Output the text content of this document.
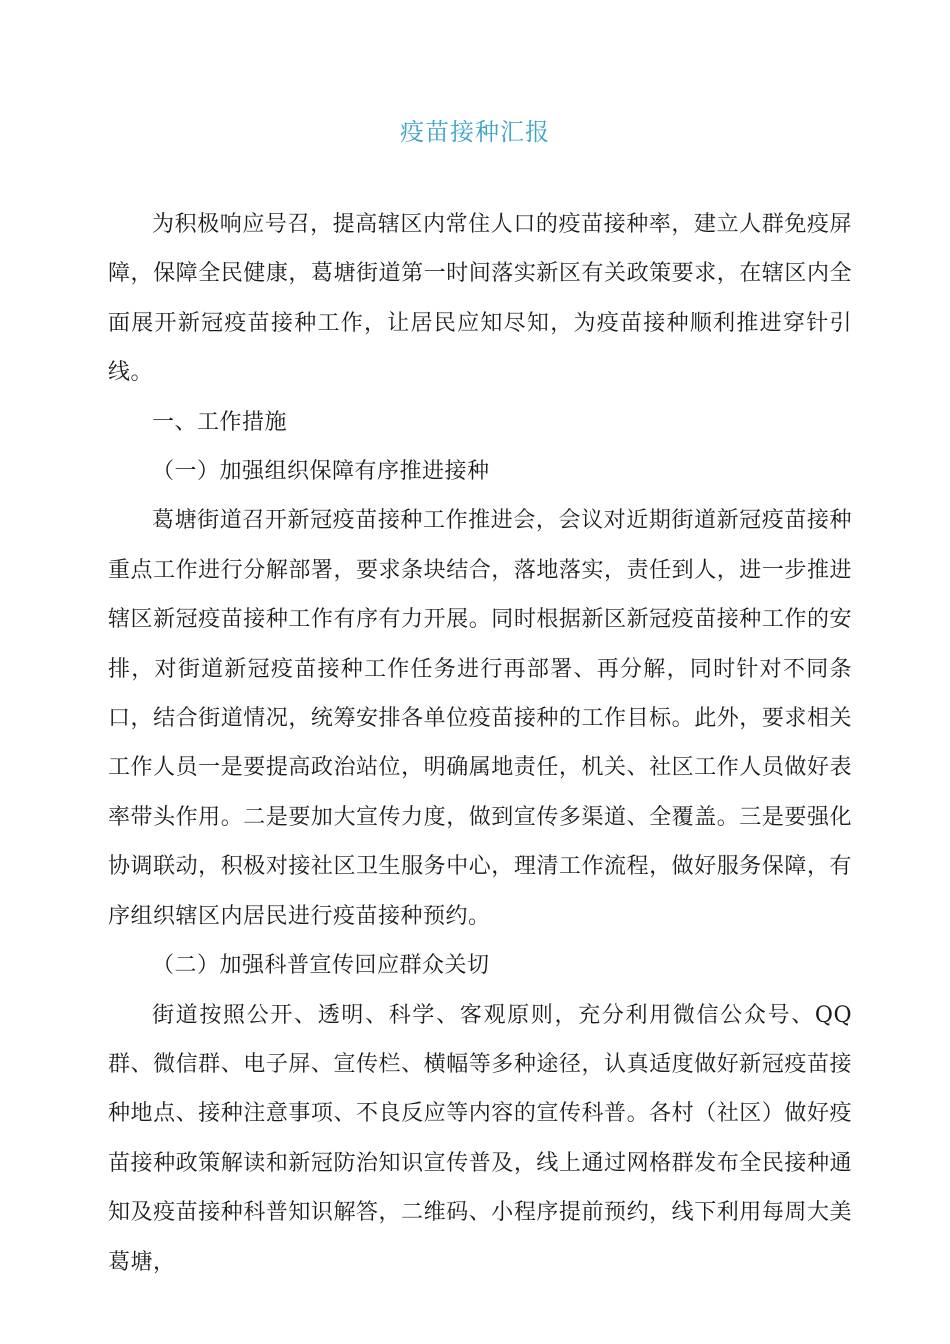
疫苗接种汇报

为积极响应号召，提高辖区内常住人口的疫苗接种率，建立人群免疫屏障，保障全民健康，葛塘街道第一时间落实新区有关政策要求，在辖区内全面展开新冠疫苗接种工作，让居民应知尽知，为疫苗接种顺利推进穿针引线。

一、工作措施

（一）加强组织保障有序推进接种

葛塘街道召开新冠疫苗接种工作推进会，会议对近期街道新冠疫苗接种重点工作进行分解部署，要求条块结合，落地落实，责任到人，进一步推进辖区新冠疫苗接种工作有序有力开展。同时根据新区新冠疫苗接种工作的安排，对街道新冠疫苗接种工作任务进行再部署、再分解，同时针对不同条口，结合街道情况，统筹安排各单位疫苗接种的工作目标。此外，要求相关工作人员一是要提高政治站位，明确属地责任，机关、社区工作人员做好表率带头作用。二是要加大宣传力度，做到宣传多渠道、全覆盖。三是要强化协调联动，积极对接社区卫生服务中心，理清工作流程，做好服务保障，有序组织辖区内居民进行疫苗接种预约。

（二）加强科普宣传回应群众关切

街道按照公开、透明、科学、客观原则，充分利用微信公众号、QQ群、微信群、电子屏、宣传栏、横幅等多种途径，认真适度做好新冠疫苗接种地点、接种注意事项、不良反应等内容的宣传科普。各村（社区）做好疫苗接种政策解读和新冠防治知识宣传普及，线上通过网格群发布全民接种通知及疫苗接种科普知识解答，二维码、小程序提前预约，线下利用每周大美葛塘，
